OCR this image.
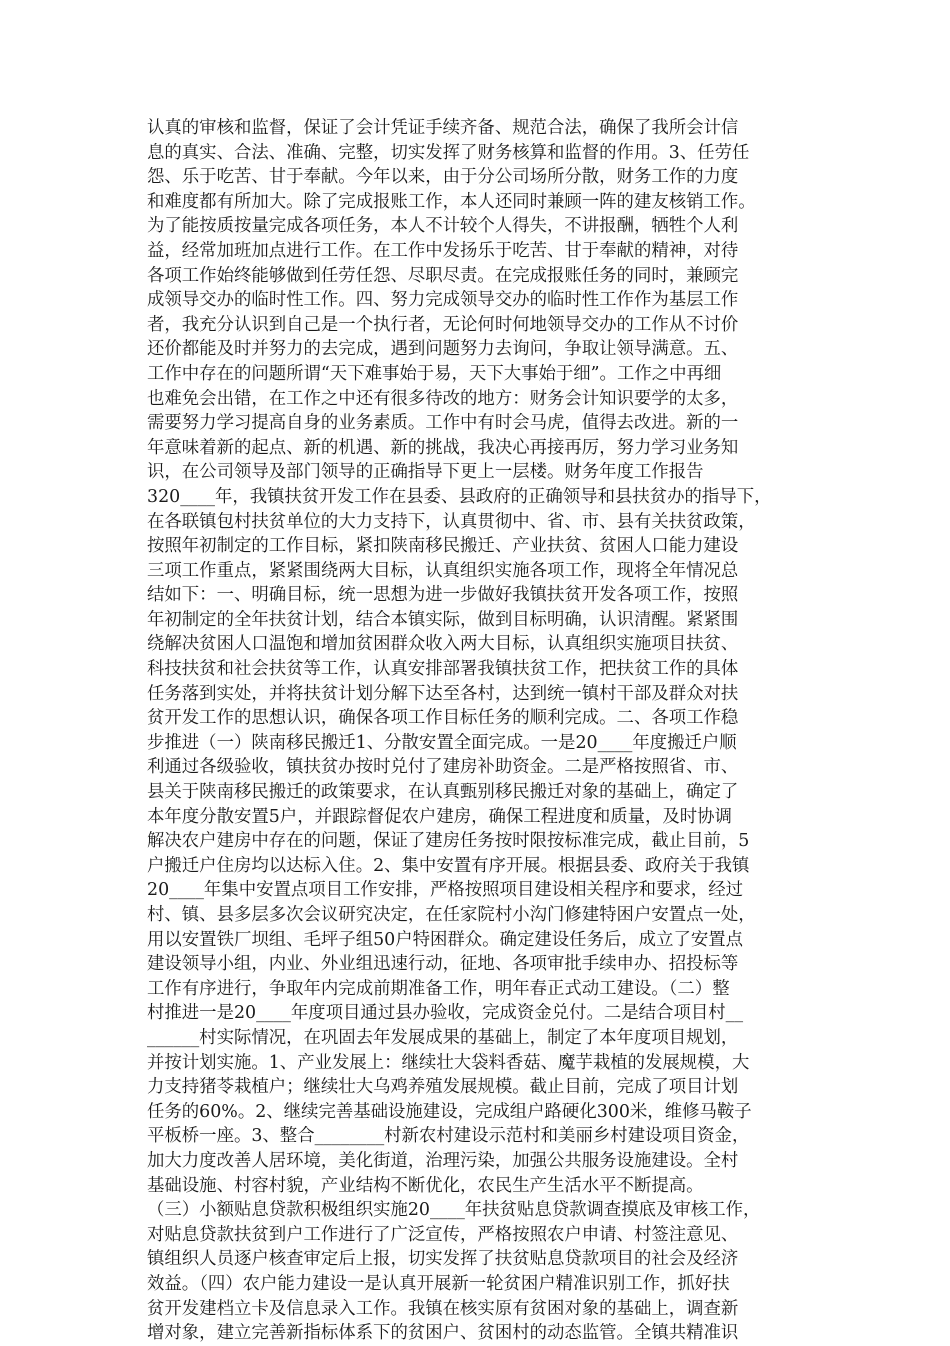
认真的审核和监督，保证了会计凭证手续齐备、规范合法，确保了我所会计信
息的真实、合法、准确、完整，切实发挥了财务核算和监督的作用。3、任劳任
怨、乐于吃苦、甘于奉献。今年以来，由于分公司场所分散，财务工作的力度
和难度都有所加大。除了完成报账工作，本人还同时兼顾一阵的建友核销工作。
为了能按质按量完成各项任务，本人不计较个人得失，不讲报酬，牺牲个人利
益，经常加班加点进行工作。在工作中发扬乐于吃苦、甘于奉献的精神，对待
各项工作始终能够做到任劳任怨、尽职尽责。在完成报账任务的同时，兼顾完
成领导交办的临时性工作。四、努力完成领导交办的临时性工作作为基层工作
者，我充分认识到自己是一个执行者，无论何时何地领导交办的工作从不讨价
还价都能及时并努力的去完成，遇到问题努力去询问，争取让领导满意。五、
工作中存在的问题所谓“天下难事始于易，天下大事始于细”。工作之中再细
也难免会出错，在工作之中还有很多待改的地方：财务会计知识要学的太多，
需要努力学习提高自身的业务素质。工作中有时会马虎，值得去改进。新的一
年意味着新的起点、新的机遇、新的挑战，我决心再接再厉，努力学习业务知
识，在公司领导及部门领导的正确指导下更上一层楼。财务年度工作报告
320____年，我镇扶贫开发工作在县委、县政府的正确领导和县扶贫办的指导下，
在各联镇包村扶贫单位的大力支持下，认真贯彻中、省、市、县有关扶贫政策，
按照年初制定的工作目标，紧扣陕南移民搬迁、产业扶贫、贫困人口能力建设
三项工作重点，紧紧围绕两大目标，认真组织实施各项工作，现将全年情况总
结如下：一、明确目标，统一思想为进一步做好我镇扶贫开发各项工作，按照
年初制定的全年扶贫计划，结合本镇实际，做到目标明确，认识清醒。紧紧围
绕解决贫困人口温饱和增加贫困群众收入两大目标，认真组织实施项目扶贫、
科技扶贫和社会扶贫等工作，认真安排部署我镇扶贫工作，把扶贫工作的具体
任务落到实处，并将扶贫计划分解下达至各村，达到统一镇村干部及群众对扶
贫开发工作的思想认识，确保各项工作目标任务的顺利完成。二、各项工作稳
步推进（一）陕南移民搬迁1、分散安置全面完成。一是20____年度搬迁户顺
利通过各级验收，镇扶贫办按时兑付了建房补助资金。二是严格按照省、市、
县关于陕南移民搬迁的政策要求，在认真甄别移民搬迁对象的基础上，确定了
本年度分散安置5户，并跟踪督促农户建房，确保工程进度和质量，及时协调
解决农户建房中存在的问题，保证了建房任务按时限按标准完成，截止目前，5
户搬迁户住房均以达标入住。2、集中安置有序开展。根据县委、政府关于我镇
20____年集中安置点项目工作安排，严格按照项目建设相关程序和要求，经过
村、镇、县多层多次会议研究决定，在任家院村小沟门修建特困户安置点一处，
用以安置铁厂坝组、毛坪子组50户特困群众。确定建设任务后，成立了安置点
建设领导小组，内业、外业组迅速行动，征地、各项审批手续申办、招投标等
工作有序进行，争取年内完成前期准备工作，明年春正式动工建设。（二）整
村推进一是20____年度项目通过县办验收，完成资金兑付。二是结合项目村__
______村实际情况，在巩固去年发展成果的基础上，制定了本年度项目规划，
并按计划实施。1、产业发展上：继续壮大袋料香菇、魔芋栽植的发展规模，大
力支持猪苓栽植户；继续壮大乌鸡养殖发展规模。截止目前，完成了项目计划
任务的60%。2、继续完善基础设施建设，完成组户路硬化300米，维修马鞍子
平板桥一座。3、整合________村新农村建设示范村和美丽乡村建设项目资金，
加大力度改善人居环境，美化街道，治理污染，加强公共服务设施建设。全村
基础设施、村容村貌，产业结构不断优化，农民生产生活水平不断提高。
（三）小额贴息贷款积极组织实施20____年扶贫贴息贷款调查摸底及审核工作，
对贴息贷款扶贫到户工作进行了广泛宣传，严格按照农户申请、村签注意见、
镇组织人员逐户核查审定后上报，切实发挥了扶贫贴息贷款项目的社会及经济
效益。（四）农户能力建设一是认真开展新一轮贫困户精准识别工作，抓好扶
贫开发建档立卡及信息录入工作。我镇在核实原有贫困对象的基础上，调查新
增对象，建立完善新指标体系下的贫困户、贫困村的动态监管。全镇共精准识
